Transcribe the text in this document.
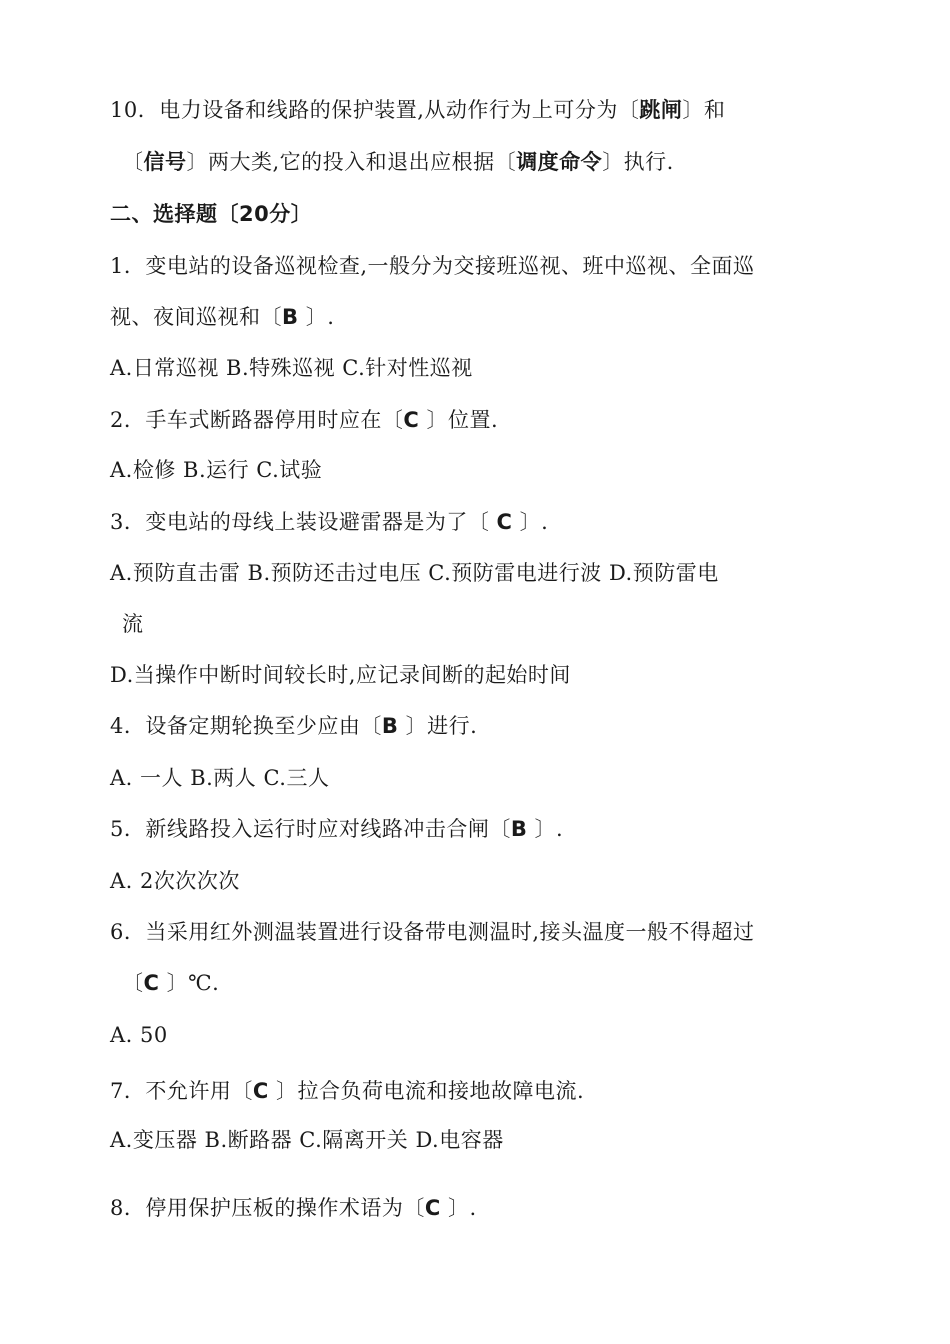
10．电力设备和线路的保护装置,从动作行为上可分为〔跳闸〕和
〔信号〕两大类,它的投入和退出应根据〔调度命令〕执行.
二、选择题〔20分〕
1．变电站的设备巡视检查,一般分为交接班巡视、班中巡视、全面巡
视、夜间巡视和〔B 〕.
A.日常巡视 B.特殊巡视 C.针对性巡视
2．手车式断路器停用时应在〔C 〕位置.
A.检修 B.运行 C.试验
3．变电站的母线上装设避雷器是为了〔 C 〕.
A.预防直击雷 B.预防还击过电压 C.预防雷电进行波 D.预防雷电
流
D.当操作中断时间较长时,应记录间断的起始时间
4．设备定期轮换至少应由〔B 〕进行.
A. 一人 B.两人 C.三人
5．新线路投入运行时应对线路冲击合闸〔B 〕.
A. 2次次次次
6．当采用红外测温装置进行设备带电测温时,接头温度一般不得超过
〔C 〕℃.
A. 50
7．不允许用〔C 〕拉合负荷电流和接地故障电流.
A.变压器 B.断路器 C.隔离开关 D.电容器
8．停用保护压板的操作术语为〔C 〕.
